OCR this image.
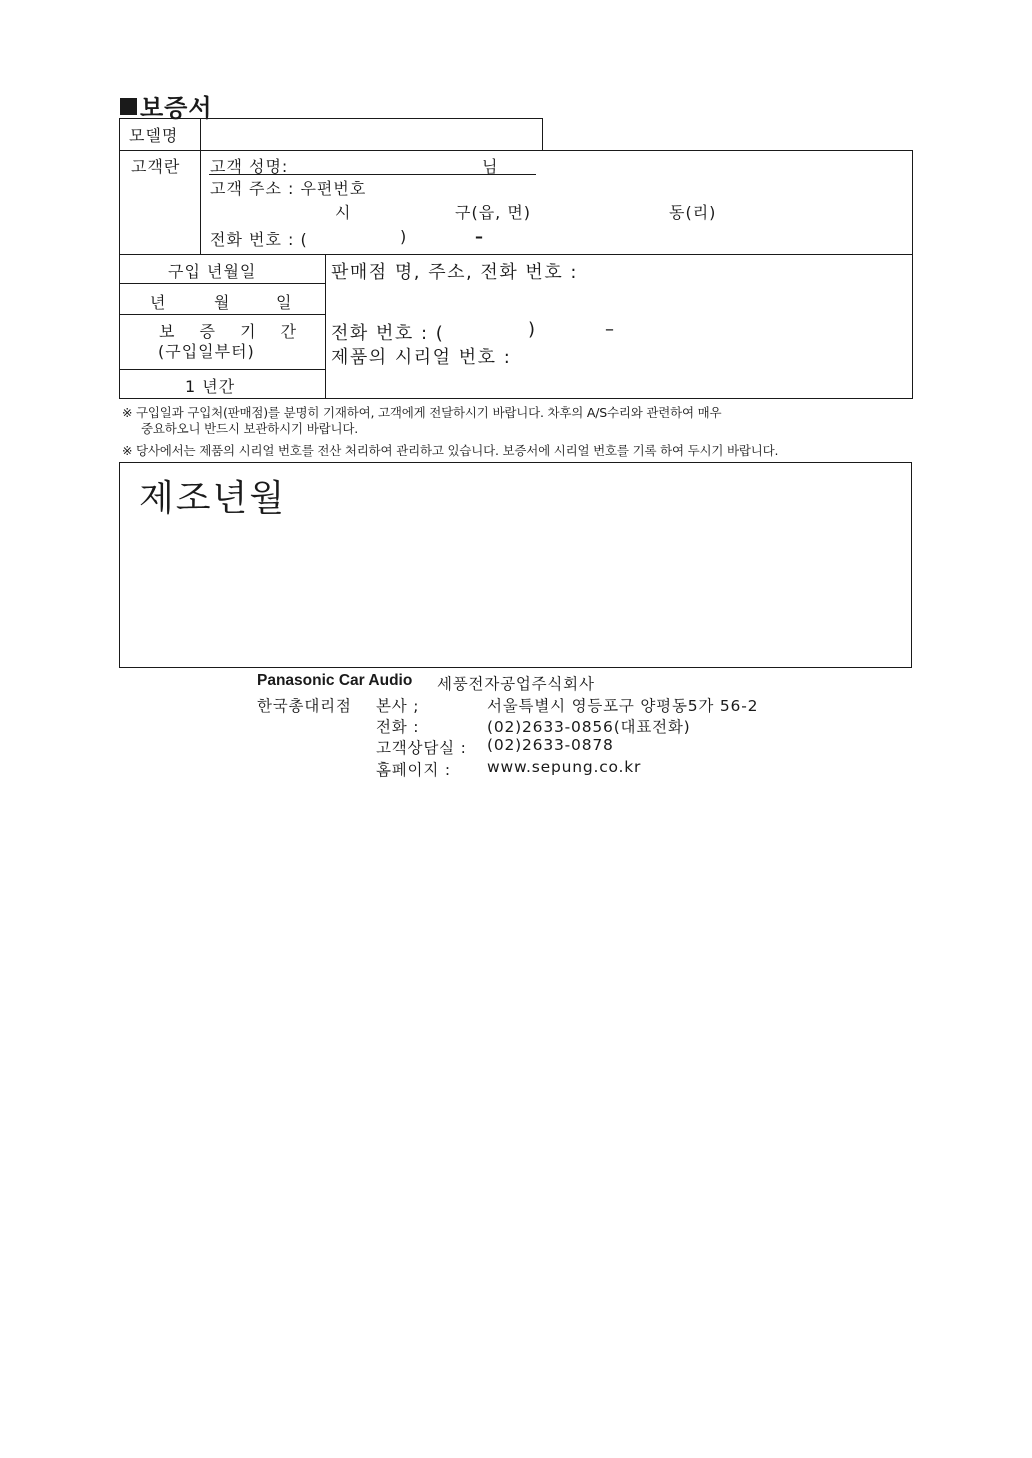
보증서
모델명
고객란 고객 성명:	님
고객 주소 : 우편번호
시	구(읍, 면)	동(리)
전화 번호 : (	)	–
구입 년월일
년	월	일
보 증 기 간
(구입일부터)
1 년간
판매점 명, 주소, 전화 번호 :
전화 번호 : (	)	–
제품의 시리얼 번호 :
※ 구입일과 구입처(판매점)를 분명히 기재하여, 고객에게 전달하시기 바랍니다. 차후의 A/S수리와 관련하여 매우
중요하오니 반드시 보관하시기 바랍니다.
※ 당사에서는 제품의 시리얼 번호를 전산 처리하여 관리하고 있습니다. 보증서에 시리얼 번호를 기록 하여 두시기 바랍니다.
제조년월
Panasonic Car Audio 세풍전자공업주식회사
한국총대리점 본사 ;	서울특별시 영등포구 양평동5가 56-2
전화 :	(02)2633-0856(대표전화)
고객상담실 : (02)2633-0878
홈페이지 : www.sepung.co.kr
